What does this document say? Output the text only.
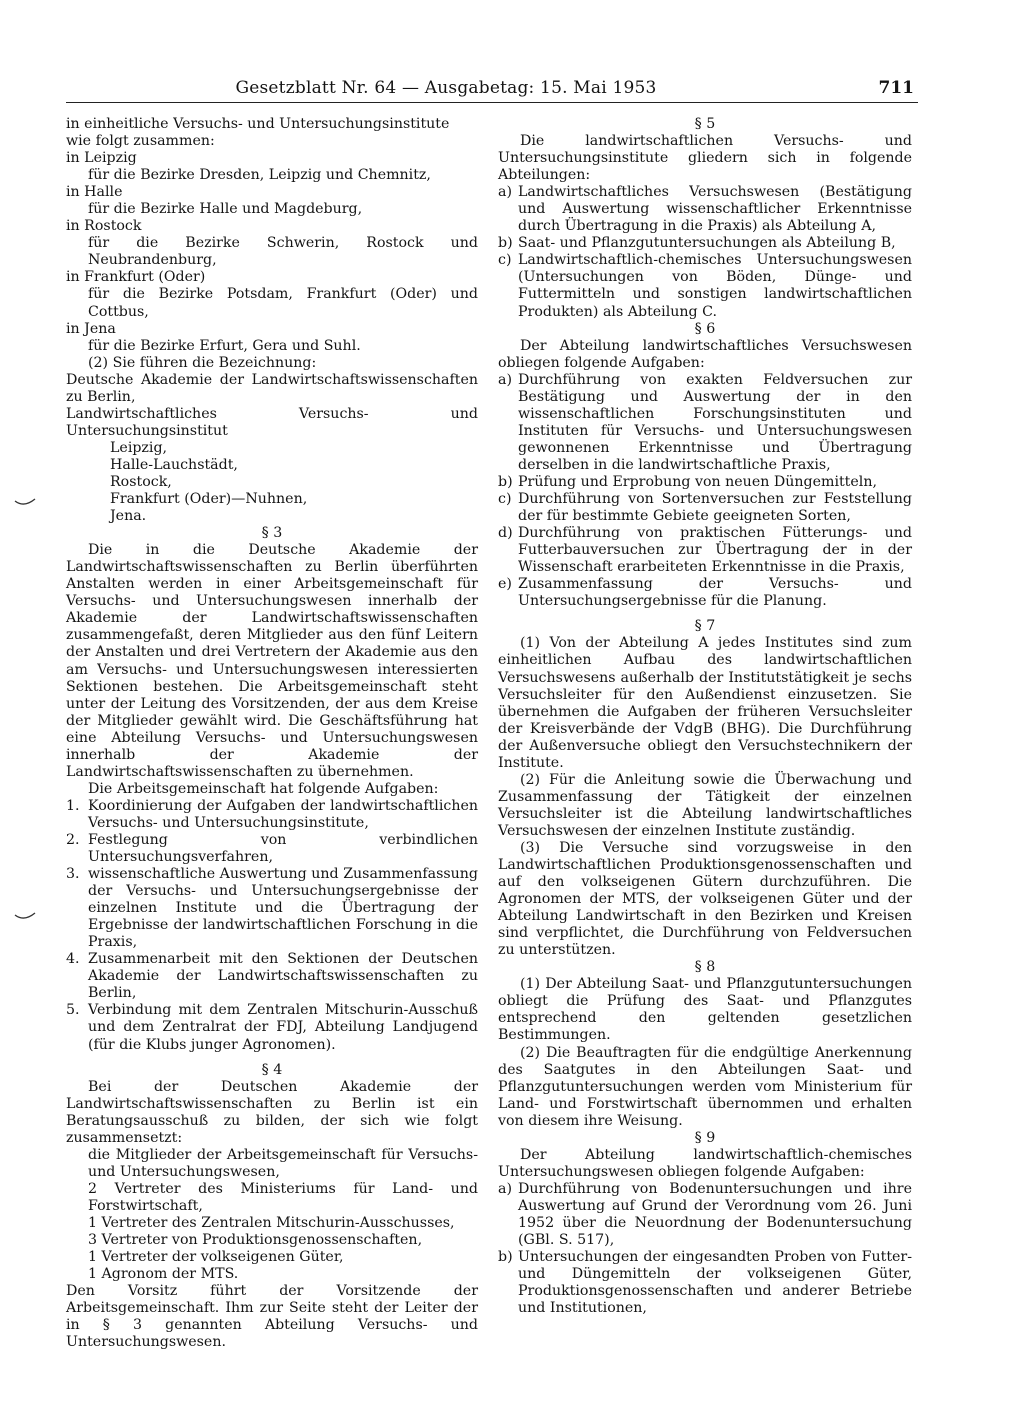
Gesetzblatt Nr. 64 — Ausgabetag: 15. Mai 1953	711

in einheitliche Versuchs- und Untersuchungsinstitute

wie folgt zusammen:

in Leipzig

für die Bezirke Dresden, Leipzig und Chemnitz,

in Halle

für die Bezirke Halle und Magdeburg,

in Rostock

für die Bezirke Schwerin, Rostock und Neubrandenburg,

in Frankfurt (Oder)

für die Bezirke Potsdam, Frankfurt (Oder) und Cottbus,

in Jena

für die Bezirke Erfurt, Gera und Suhl.

(2) Sie führen die Bezeichnung:

Deutsche Akademie der Landwirtschaftswissenschaften zu Berlin,

Landwirtschaftliches Versuchs- und Untersuchungsinstitut

Leipzig,

Halle-Lauchstädt,

Rostock,

Frankfurt (Oder)—Nuhnen,

Jena.

§ 3

Die in die Deutsche Akademie der Landwirtschaftswissenschaften zu Berlin überführten Anstalten werden in einer Arbeitsgemeinschaft für Versuchs- und Untersuchungswesen innerhalb der Akademie der Landwirtschaftswissenschaften zusammengefaßt, deren Mitglieder aus den fünf Leitern der Anstalten und drei Vertretern der Akademie aus den am Versuchs- und Untersuchungswesen interessierten Sektionen bestehen. Die Arbeitsgemeinschaft steht unter der Leitung des Vorsitzenden, der aus dem Kreise der Mitglieder gewählt wird. Die Geschäftsführung hat eine Abteilung Versuchs- und Untersuchungswesen innerhalb der Akademie der Landwirtschaftswissenschaften zu übernehmen.

Die Arbeitsgemeinschaft hat folgende Aufgaben:

1. Koordinierung der Aufgaben der landwirtschaftlichen Versuchs- und Untersuchungsinstitute,
2. Festlegung von verbindlichen Untersuchungsverfahren,
3. wissenschaftliche Auswertung und Zusammenfassung der Versuchs- und Untersuchungsergebnisse der einzelnen Institute und die Übertragung der Ergebnisse der landwirtschaftlichen Forschung in die Praxis,
4. Zusammenarbeit mit den Sektionen der Deutschen Akademie der Landwirtschaftswissenschaften zu Berlin,
5. Verbindung mit dem Zentralen Mitschurin-Ausschuß und dem Zentralrat der FDJ, Abteilung Landjugend (für die Klubs junger Agronomen).

§ 4

Bei der Deutschen Akademie der Landwirtschaftswissenschaften zu Berlin ist ein Beratungsausschuß zu bilden, der sich wie folgt zusammensetzt:

die Mitglieder der Arbeitsgemeinschaft für Versuchs- und Untersuchungswesen,

2 Vertreter des Ministeriums für Land- und Forstwirtschaft,

1 Vertreter des Zentralen Mitschurin-Ausschusses,

3 Vertreter von Produktionsgenossenschaften,

1 Vertreter der volkseigenen Güter,

1 Agronom der MTS.

Den Vorsitz führt der Vorsitzende der Arbeitsgemeinschaft. Ihm zur Seite steht der Leiter der in § 3 genannten Abteilung Versuchs- und Untersuchungswesen.

§ 5

Die landwirtschaftlichen Versuchs- und Untersuchungsinstitute gliedern sich in folgende Abteilungen:

a) Landwirtschaftliches Versuchswesen (Bestätigung und Auswertung wissenschaftlicher Erkenntnisse durch Übertragung in die Praxis) als Abteilung A,
b) Saat- und Pflanzgutuntersuchungen als Abteilung B,
c) Landwirtschaftlich-chemisches Untersuchungswesen (Untersuchungen von Böden, Dünge- und Futtermitteln und sonstigen landwirtschaftlichen Produkten) als Abteilung C.

§ 6

Der Abteilung landwirtschaftliches Versuchswesen obliegen folgende Aufgaben:

a) Durchführung von exakten Feldversuchen zur Bestätigung und Auswertung der in den wissenschaftlichen Forschungsinstituten und Instituten für Versuchs- und Untersuchungswesen gewonnenen Erkenntnisse und Übertragung derselben in die landwirtschaftliche Praxis,
b) Prüfung und Erprobung von neuen Düngemitteln,
c) Durchführung von Sortenversuchen zur Feststellung der für bestimmte Gebiete geeigneten Sorten,
d) Durchführung von praktischen Fütterungs- und Futterbauversuchen zur Übertragung der in der Wissenschaft erarbeiteten Erkenntnisse in die Praxis,
e) Zusammenfassung der Versuchs- und Untersuchungsergebnisse für die Planung.

§ 7

(1) Von der Abteilung A jedes Institutes sind zum einheitlichen Aufbau des landwirtschaftlichen Versuchswesens außerhalb der Institutstätigkeit je sechs Versuchsleiter für den Außendienst einzusetzen. Sie übernehmen die Aufgaben der früheren Versuchsleiter der Kreisverbände der VdgB (BHG). Die Durchführung der Außenversuche obliegt den Versuchstechnikern der Institute.

(2) Für die Anleitung sowie die Überwachung und Zusammenfassung der Tätigkeit der einzelnen Versuchsleiter ist die Abteilung landwirtschaftliches Versuchswesen der einzelnen Institute zuständig.

(3) Die Versuche sind vorzugsweise in den Landwirtschaftlichen Produktionsgenossenschaften und auf den volkseigenen Gütern durchzuführen. Die Agronomen der MTS, der volkseigenen Güter und der Abteilung Landwirtschaft in den Bezirken und Kreisen sind verpflichtet, die Durchführung von Feldversuchen zu unterstützen.

§ 8

(1) Der Abteilung Saat- und Pflanzgutuntersuchungen obliegt die Prüfung des Saat- und Pflanzgutes entsprechend den geltenden gesetzlichen Bestimmungen.

(2) Die Beauftragten für die endgültige Anerkennung des Saatgutes in den Abteilungen Saat- und Pflanzgutuntersuchungen werden vom Ministerium für Land- und Forstwirtschaft übernommen und erhalten von diesem ihre Weisung.

§ 9

Der Abteilung landwirtschaftlich-chemisches Untersuchungswesen obliegen folgende Aufgaben:

a) Durchführung von Bodenuntersuchungen und ihre Auswertung auf Grund der Verordnung vom 26. Juni 1952 über die Neuordnung der Bodenuntersuchung (GBl. S. 517),
b) Untersuchungen der eingesandten Proben von Futter- und Düngemitteln der volkseigenen Güter, Produktionsgenossenschaften und anderer Betriebe und Institutionen,
